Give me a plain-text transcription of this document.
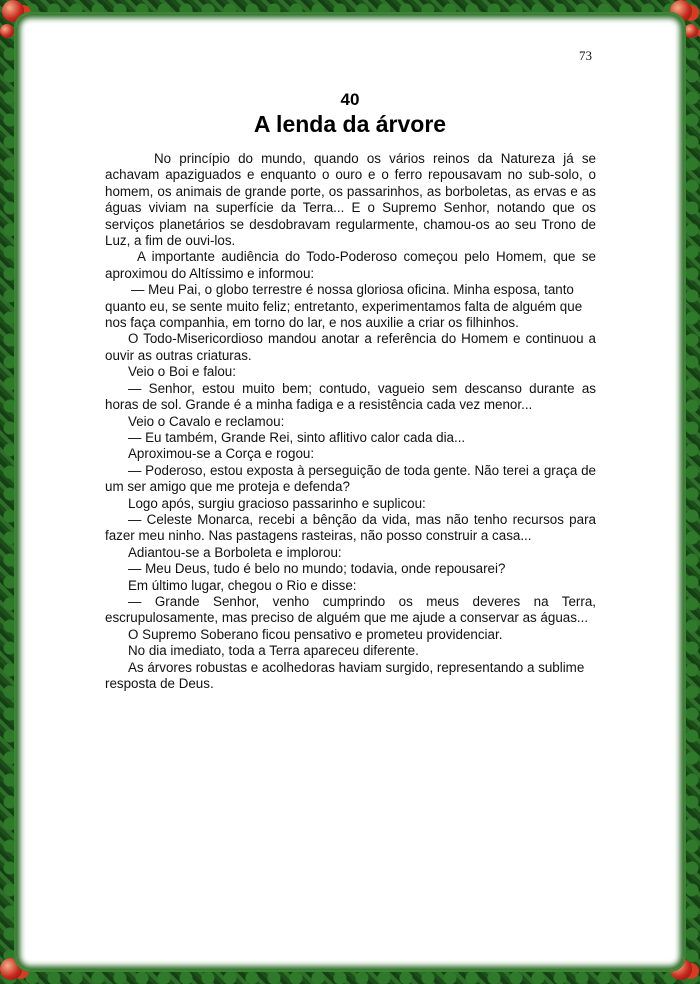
73
40
A lenda da árvore

No princípio do mundo, quando os vários reinos da Natureza já se achavam apaziguados e enquanto o ouro e o ferro repousavam no sub-solo, o homem, os animais de grande porte, os passarinhos, as borboletas, as ervas e as águas viviam na superfície da Terra... E o Supremo Senhor, notando que os serviços planetários se desdobravam regularmente, chamou-os ao seu Trono de Luz, a fim de ouvi-los.

A importante audiência do Todo-Poderoso começou pelo Homem, que se aproximou do Altíssimo e informou:

— Meu Pai, o globo terrestre é nossa gloriosa oficina. Minha esposa, tanto quanto eu, se sente muito feliz; entretanto, experimentamos falta de alguém que nos faça companhia, em torno do lar, e nos auxilie a criar os filhinhos.

O Todo-Misericordioso mandou anotar a referência do Homem e continuou a ouvir as outras criaturas.

Veio o Boi e falou:

— Senhor, estou muito bem; contudo, vagueio sem descanso durante as horas de sol. Grande é a minha fadiga e a resistência cada vez menor...

Veio o Cavalo e reclamou:

— Eu também, Grande Rei, sinto aflitivo calor cada dia...

Aproximou-se a Corça e rogou:

— Poderoso, estou exposta à perseguição de toda gente. Não terei a graça de um ser amigo que me proteja e defenda?

Logo após, surgiu gracioso passarinho e suplicou:

— Celeste Monarca, recebi a bênção da vida, mas não tenho recursos para fazer meu ninho. Nas pastagens rasteiras, não posso construir a casa...

Adiantou-se a Borboleta e implorou:

— Meu Deus, tudo é belo no mundo; todavia, onde repousarei?

Em último lugar, chegou o Rio e disse:

— Grande Senhor, venho cumprindo os meus deveres na Terra, escrupulosamente, mas preciso de alguém que me ajude a conservar as águas...

O Supremo Soberano ficou pensativo e prometeu providenciar.

No dia imediato, toda a Terra apareceu diferente.

As árvores robustas e acolhedoras haviam surgido, representando a sublime resposta de Deus.
